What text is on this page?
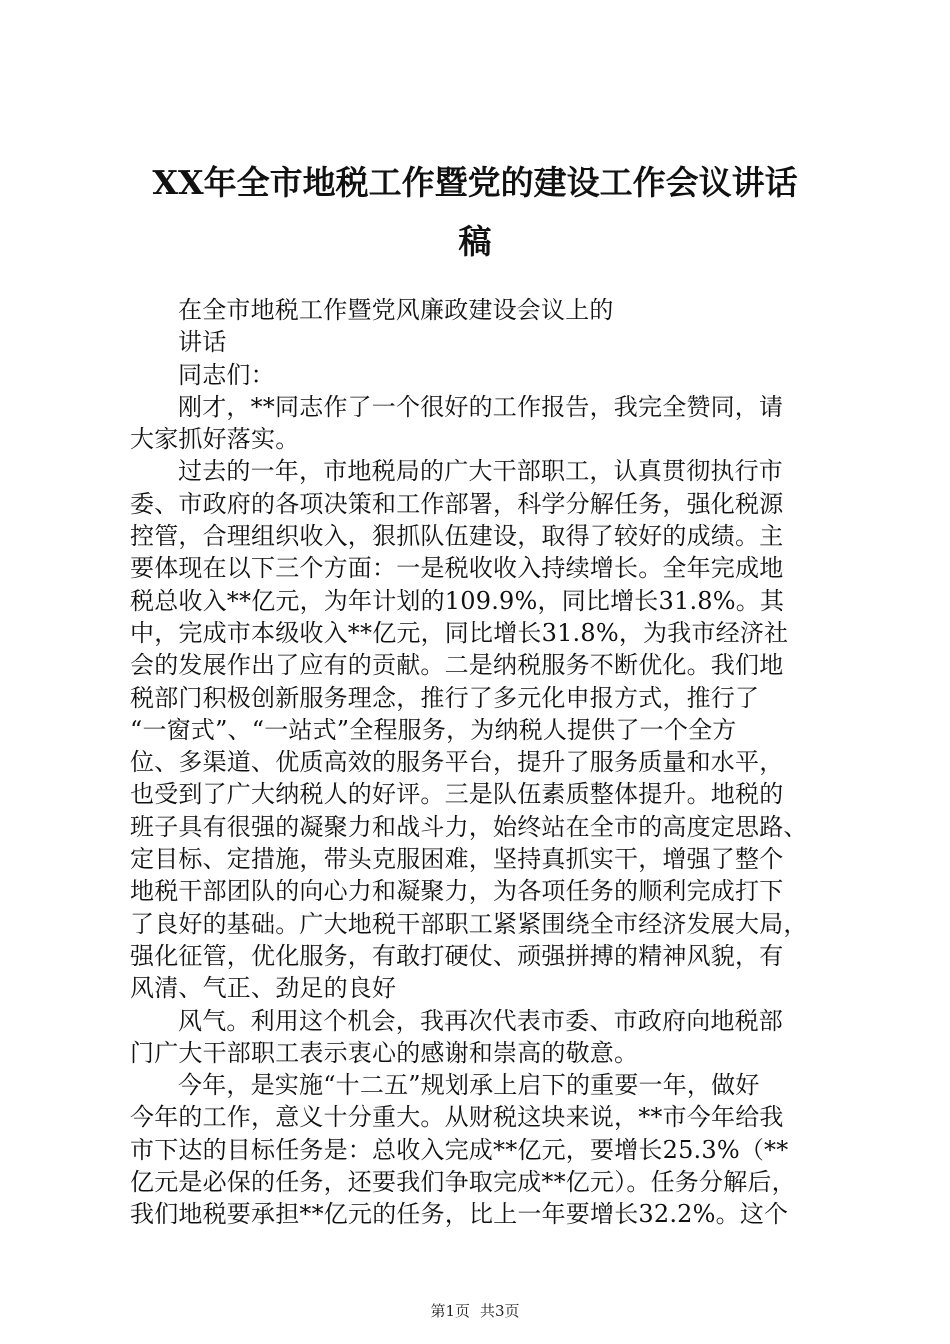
XX年全市地税工作暨党的建设工作会议讲话
稿
在全市地税工作暨党风廉政建设会议上的
讲话
同志们：
刚才，**同志作了一个很好的工作报告，我完全赞同，请
大家抓好落实。
过去的一年，市地税局的广大干部职工，认真贯彻执行市
委、市政府的各项决策和工作部署，科学分解任务，强化税源
控管，合理组织收入，狠抓队伍建设，取得了较好的成绩。主
要体现在以下三个方面：一是税收收入持续增长。全年完成地
税总收入**亿元，为年计划的109.9%，同比增长31.8%。其
中，完成市本级收入**亿元，同比增长31.8%，为我市经济社
会的发展作出了应有的贡献。二是纳税服务不断优化。我们地
税部门积极创新服务理念，推行了多元化申报方式，推行了
“一窗式”、“一站式”全程服务，为纳税人提供了一个全方
位、多渠道、优质高效的服务平台，提升了服务质量和水平，
也受到了广大纳税人的好评。三是队伍素质整体提升。地税的
班子具有很强的凝聚力和战斗力，始终站在全市的高度定思路、
定目标、定措施，带头克服困难，坚持真抓实干，增强了整个
地税干部团队的向心力和凝聚力，为各项任务的顺利完成打下
了良好的基础。广大地税干部职工紧紧围绕全市经济发展大局，
强化征管，优化服务，有敢打硬仗、顽强拼搏的精神风貌，有
风清、气正、劲足的良好
风气。利用这个机会，我再次代表市委、市政府向地税部
门广大干部职工表示衷心的感谢和崇高的敬意。
今年，是实施“十二五”规划承上启下的重要一年，做好
今年的工作，意义十分重大。从财税这块来说，**市今年给我
市下达的目标任务是：总收入完成**亿元，要增长25.3%（**
亿元是必保的任务，还要我们争取完成**亿元）。任务分解后，
我们地税要承担**亿元的任务，比上一年要增长32.2%。这个
第1页 共3页
